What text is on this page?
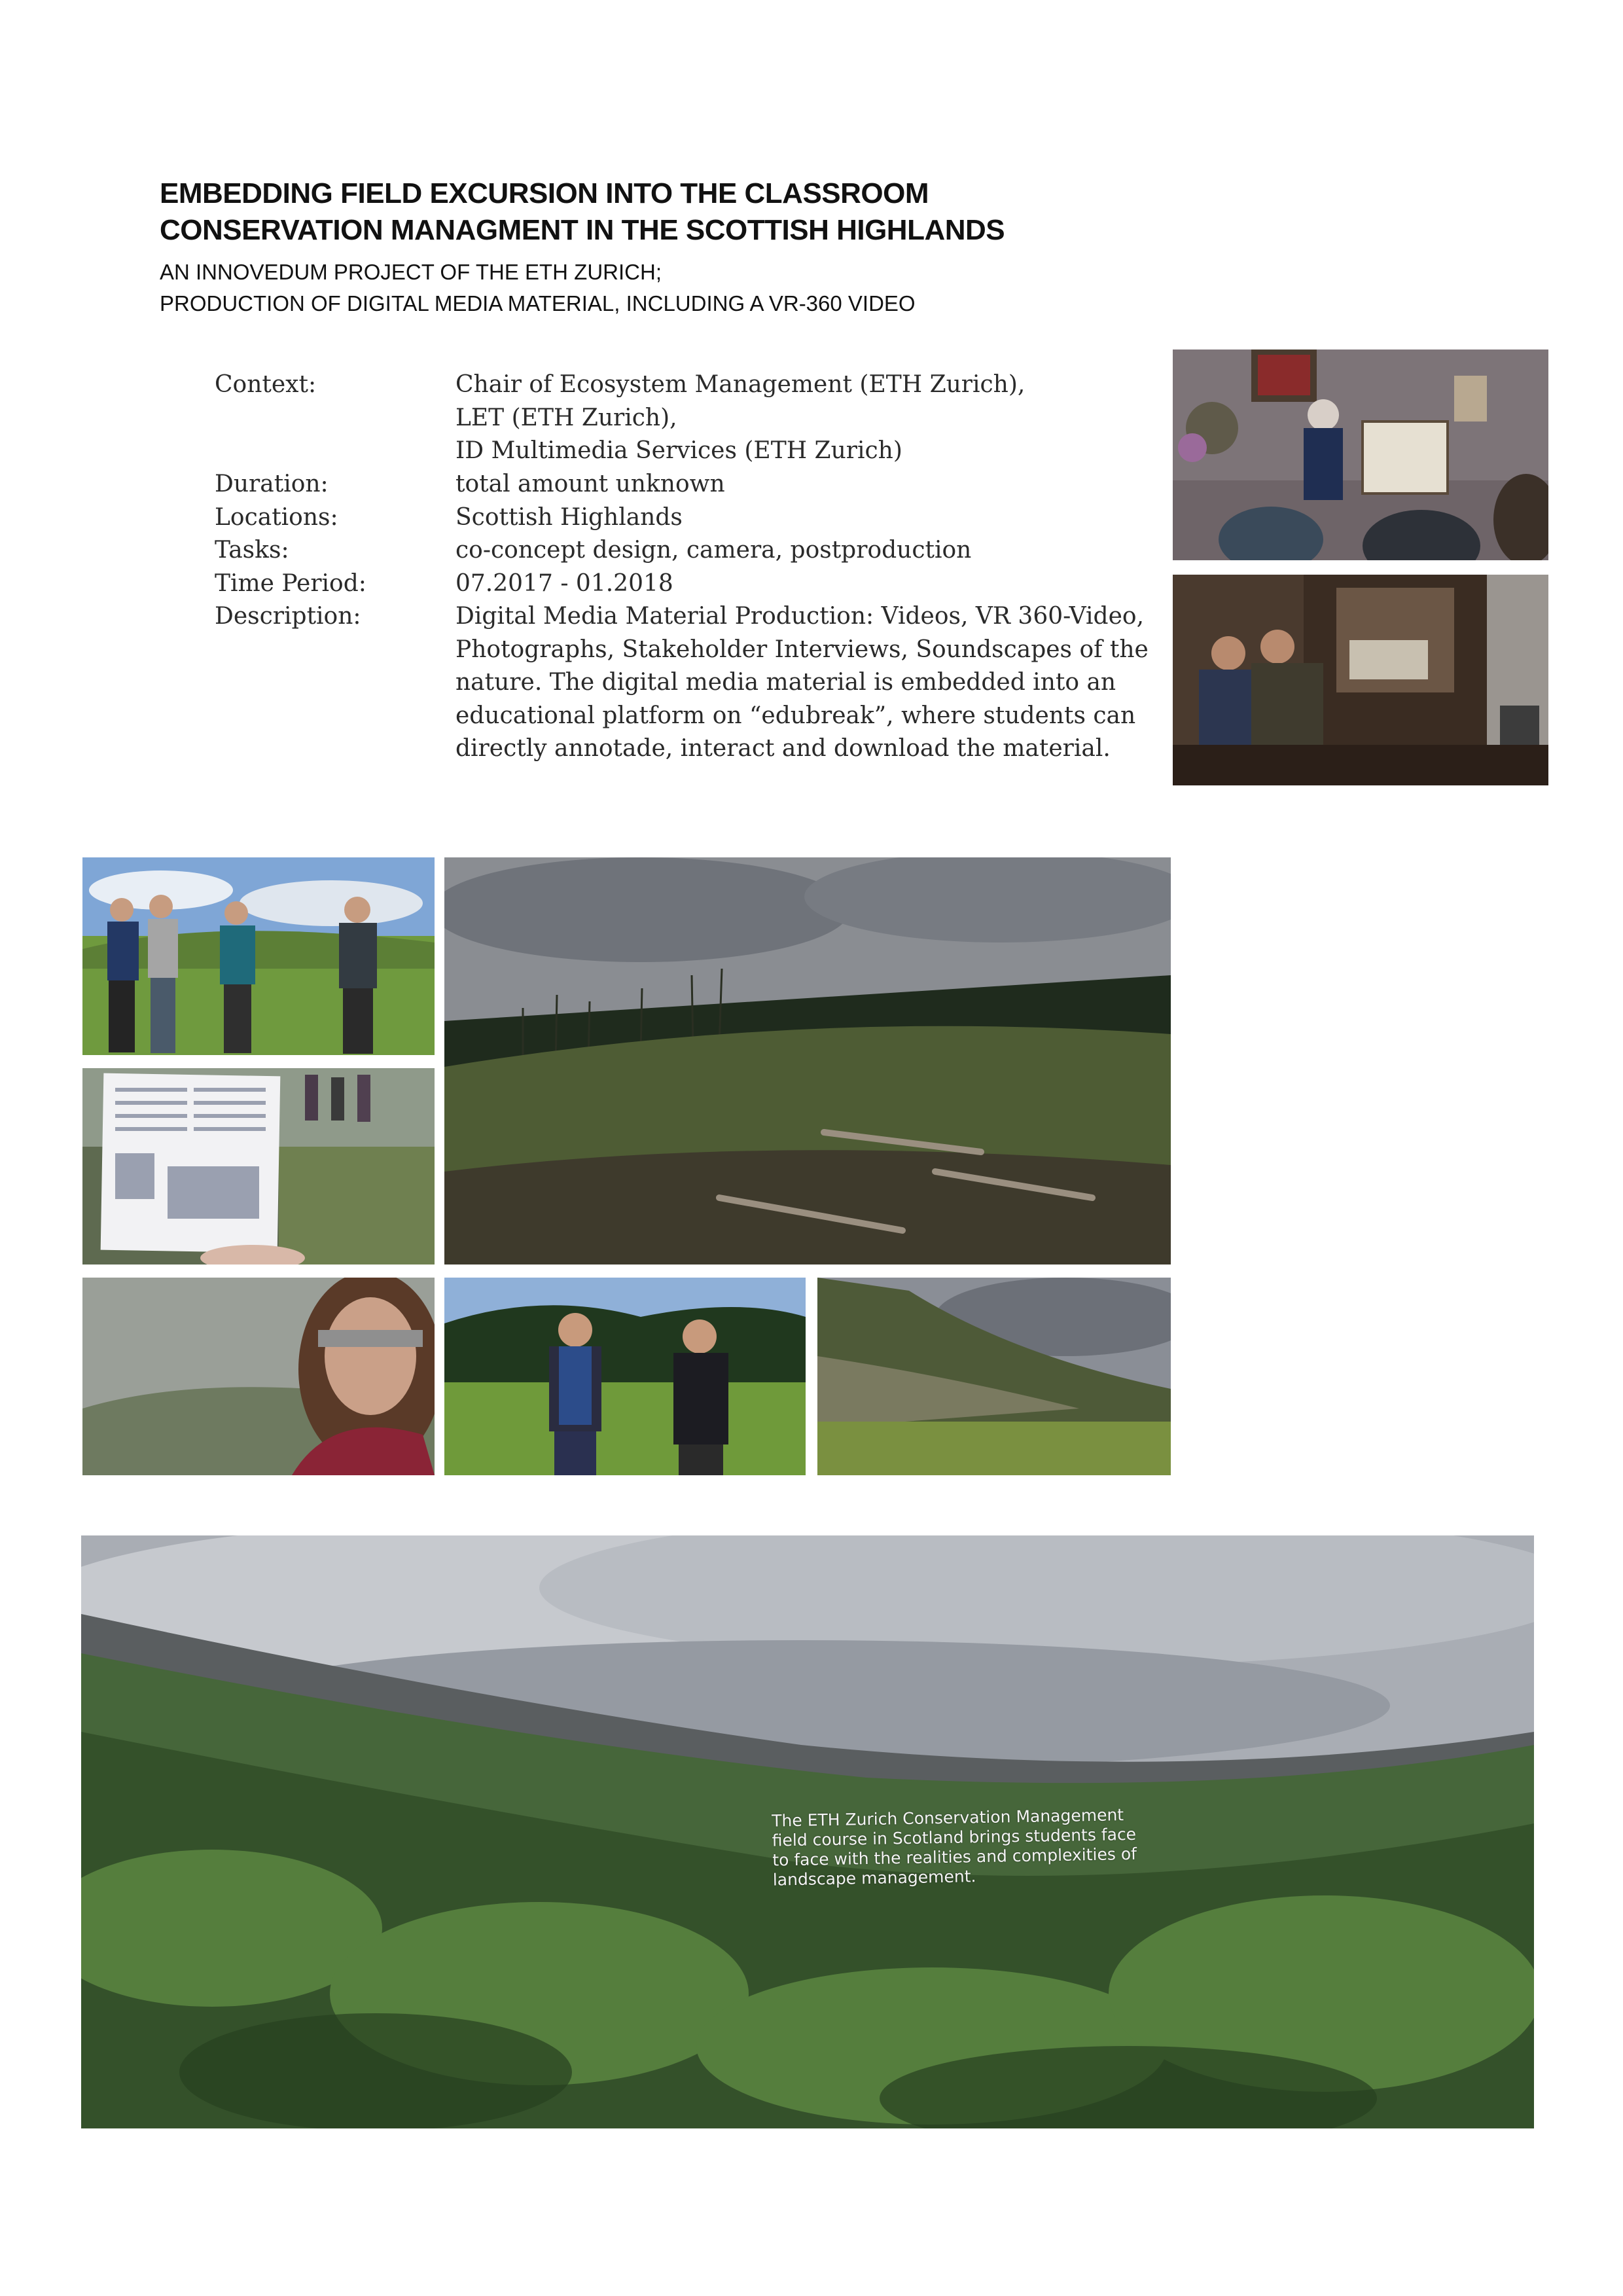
EMBEDDING FIELD EXCURSION INTO THE CLASSROOM
CONSERVATION MANAGMENT IN THE SCOTTISH HIGHLANDS
AN INNOVEDUM PROJECT OF THE ETH ZURICH;
PRODUCTION OF DIGITAL MEDIA MATERIAL, INCLUDING A VR-360 VIDEO
Context:	Chair of Ecosystem Management (ETH Zurich),
LET (ETH Zurich),
ID Multimedia Services (ETH Zurich)
Duration:	total amount unknown
Locations:	Scottish Highlands
Tasks:	co-concept design, camera, postproduction
Time Period:	07.2017 - 01.2018
Description:	Digital Media Material Production: Videos, VR 360-Video,
Photographs, Stakeholder Interviews, Soundscapes of the
nature. The digital media material is embedded into an
educational platform on “edubreak”, where students can
directly annotade, interact and download the material.
The ETH Zurich Conservation Management
field course in Scotland brings students face
to face with the realities and complexities of
landscape management.
